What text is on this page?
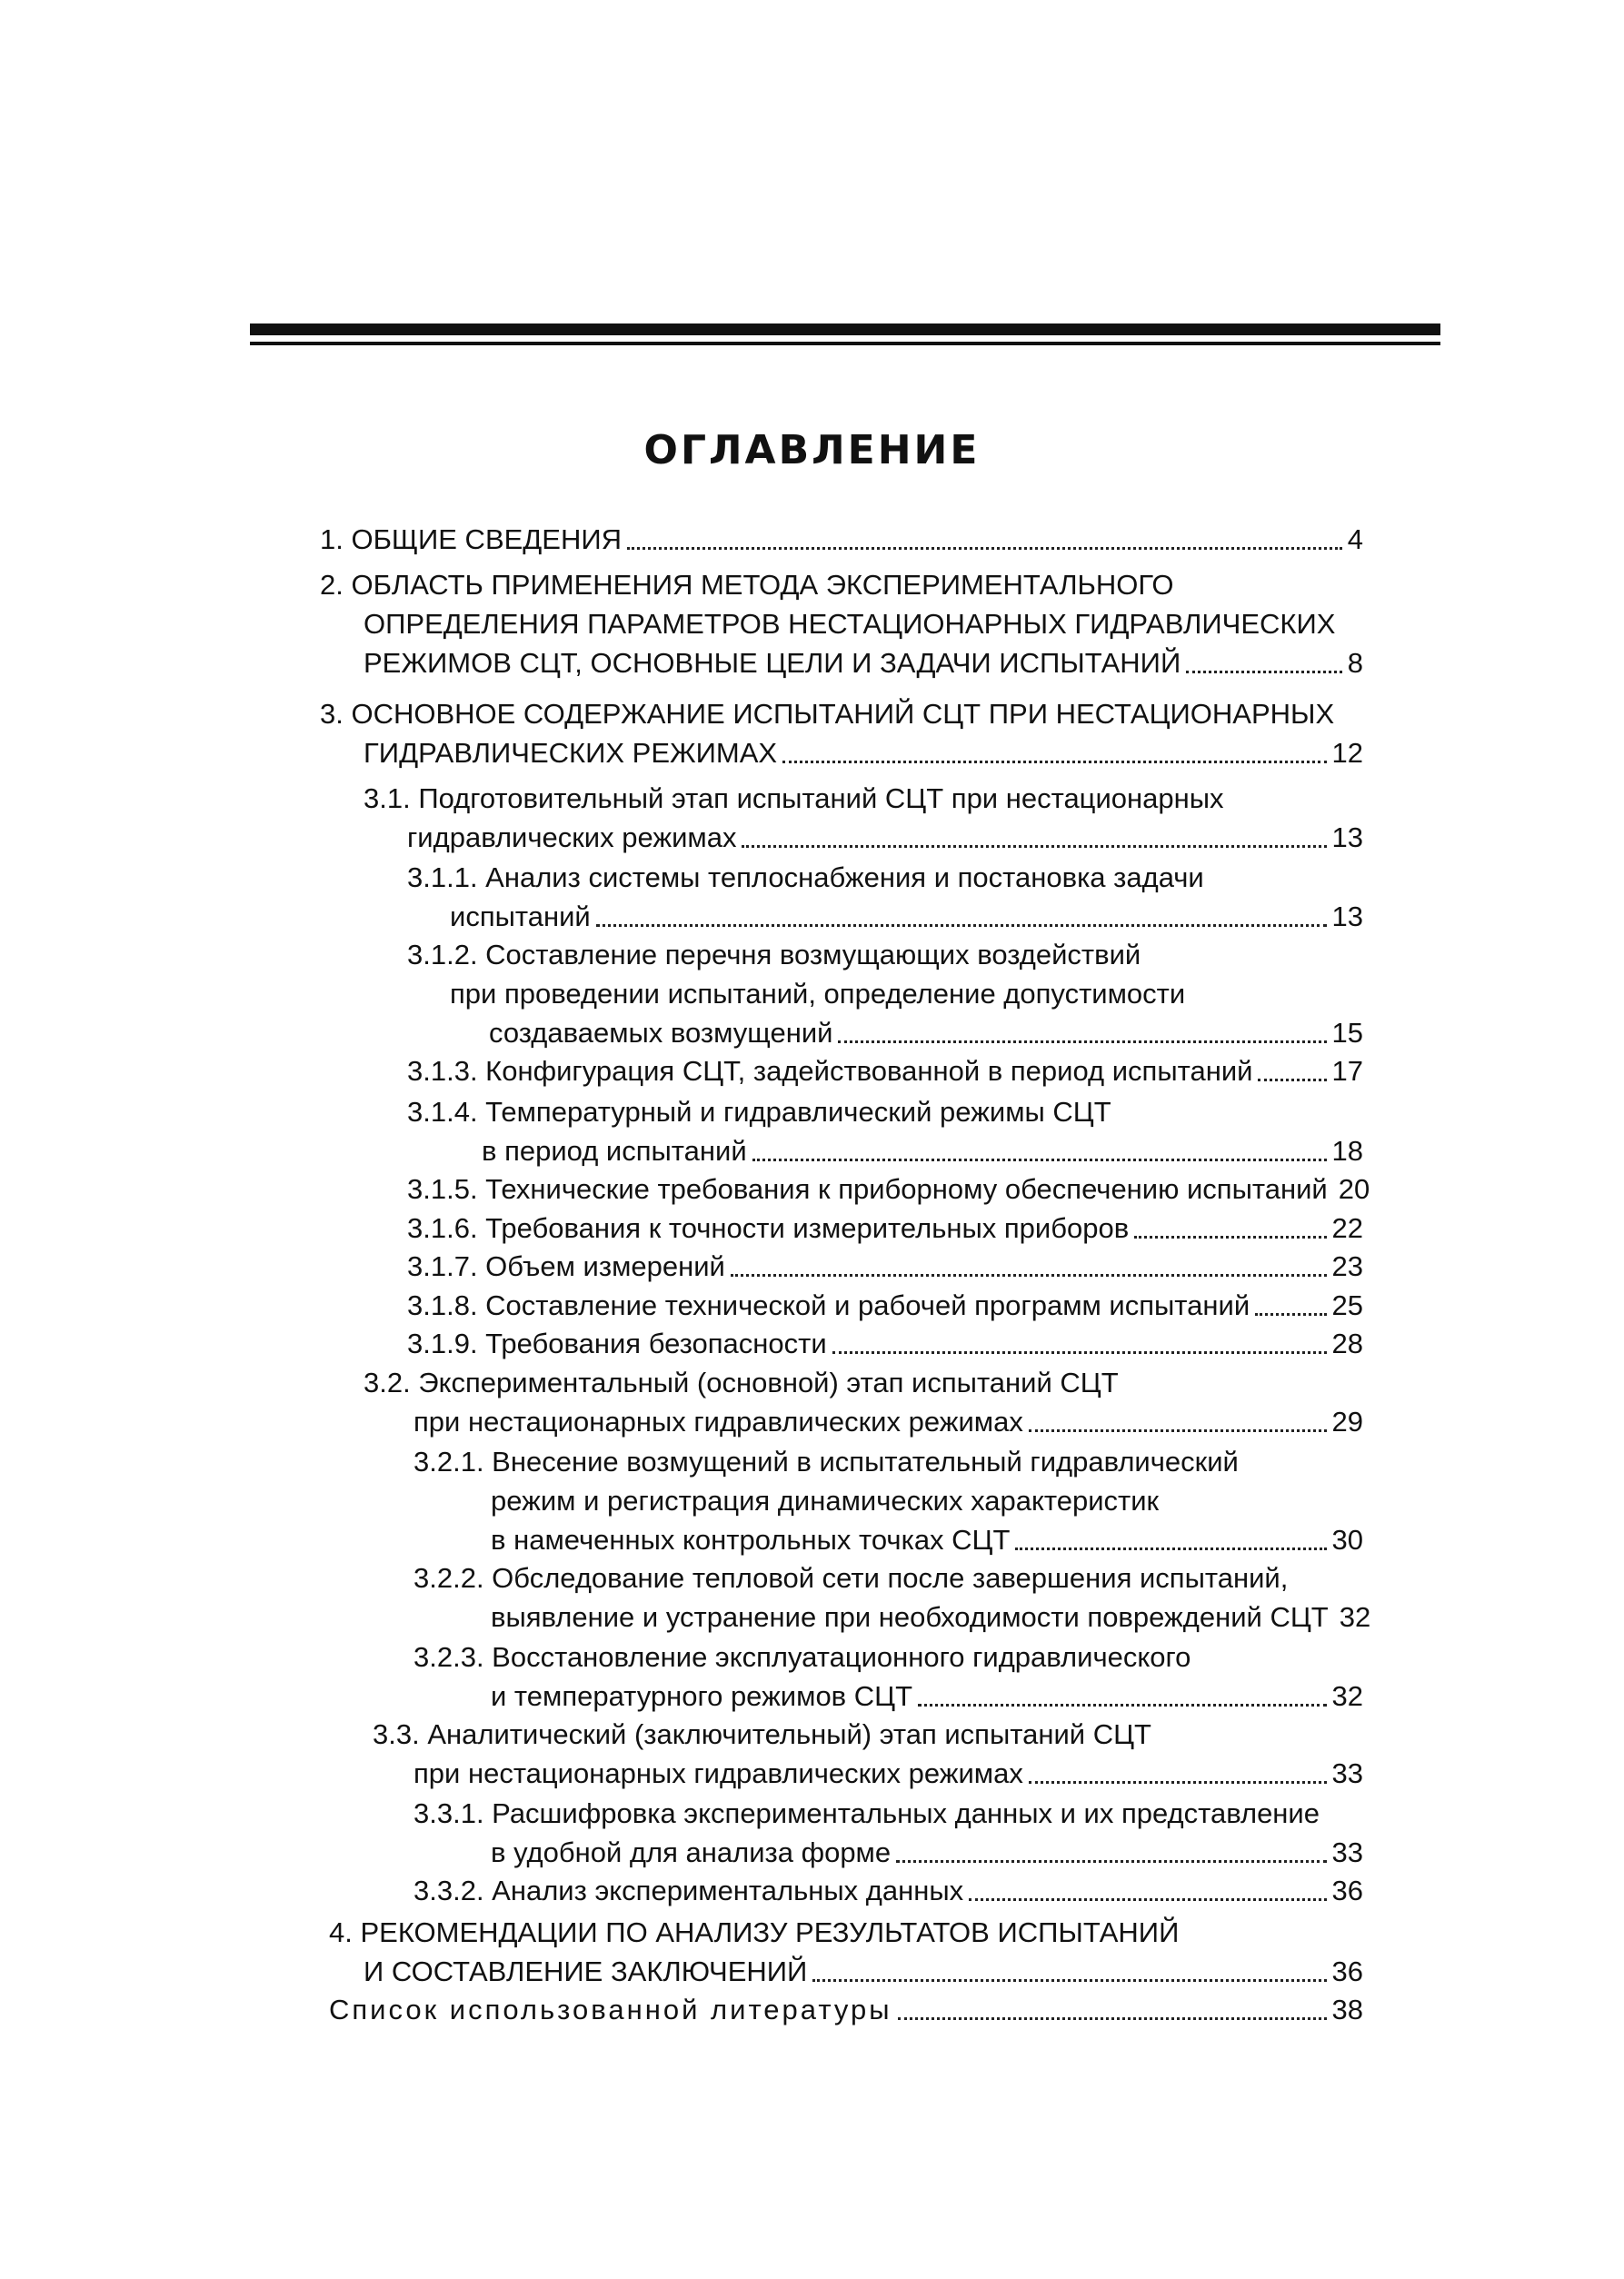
ОГЛАВЛЕНИЕ
1. ОБЩИЕ СВЕДЕНИЯ	4
2. ОБЛАСТЬ ПРИМЕНЕНИЯ МЕТОДА ЭКСПЕРИМЕНТАЛЬНОГО
ОПРЕДЕЛЕНИЯ ПАРАМЕТРОВ НЕСТАЦИОНАРНЫХ ГИДРАВЛИЧЕСКИХ
РЕЖИМОВ СЦТ, ОСНОВНЫЕ ЦЕЛИ И ЗАДАЧИ ИСПЫТАНИЙ	8
3. ОСНОВНОЕ СОДЕРЖАНИЕ ИСПЫТАНИЙ СЦТ ПРИ НЕСТАЦИОНАРНЫХ
ГИДРАВЛИЧЕСКИХ РЕЖИМАХ	12
3.1. Подготовительный этап испытаний СЦТ при нестационарных
гидравлических режимах	13
3.1.1. Анализ системы теплоснабжения и постановка задачи
испытаний	13
3.1.2. Составление перечня возмущающих воздействий
при проведении испытаний, определение допустимости
создаваемых возмущений	15
3.1.3. Конфигурация СЦТ, задействованной в период испытаний	17
3.1.4. Температурный и гидравлический режимы СЦТ
в период испытаний	18
3.1.5. Технические требования к приборному обеспечению испытаний 20
3.1.6. Требования к точности измерительных приборов	22
3.1.7. Объем измерений	23
3.1.8. Составление технической и рабочей программ испытаний	25
3.1.9. Требования безопасности	28
3.2. Экспериментальный (основной) этап испытаний СЦТ
при нестационарных гидравлических режимах	29
3.2.1. Внесение возмущений в испытательный гидравлический
режим и регистрация динамических характеристик
в намеченных контрольных точках СЦТ	30
3.2.2. Обследование тепловой сети после завершения испытаний,
выявление и устранение при необходимости повреждений СЦТ 32
3.2.3. Восстановление эксплуатационного гидравлического
и температурного режимов СЦТ	32
3.3. Аналитический (заключительный) этап испытаний СЦТ
при нестационарных гидравлических режимах	33
3.3.1. Расшифровка экспериментальных данных и их представление
в удобной для анализа форме	33
3.3.2. Анализ экспериментальных данных	36
4. РЕКОМЕНДАЦИИ ПО АНАЛИЗУ РЕЗУЛЬТАТОВ ИСПЫТАНИЙ
И СОСТАВЛЕНИЕ ЗАКЛЮЧЕНИЙ	36
Список использованной литературы	38
